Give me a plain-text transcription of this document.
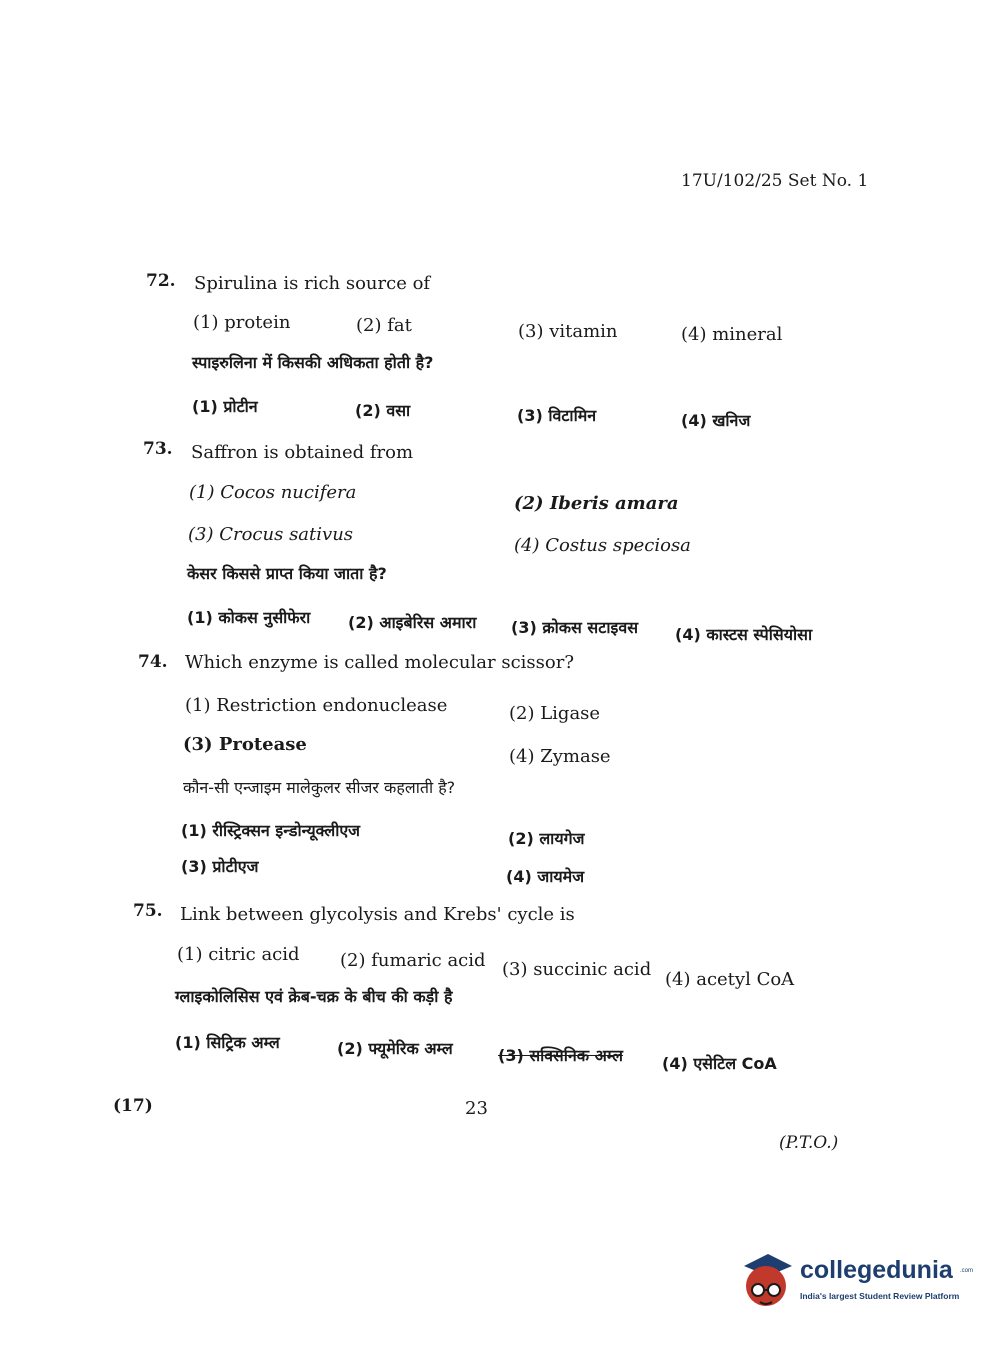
17U/102/25 Set No. 1
72. Spirulina is rich source of
(1) protein	(2) fat	(3) vitamin	(4) mineral
स्पाइरुलिना में किसकी अधिकता होती है?
(1) प्रोटीन	(2) वसा	(3) विटामिन	(4) खनिज
73. Saffron is obtained from
(1) Cocos nucifera
(2) Iberis amara
(3) Crocus sativus
(4) Costus speciosa
केसर किससे प्राप्त किया जाता है?
(1) कोकस नुसीफेरा (2) आइबेरिस अमारा (3) क्रोकस सटाइवस (4) कास्टस स्पेसियोसा
74. Which enzyme is called molecular scissor?
(1) Restriction endonuclease	(2) Ligase
(3) Protease
(4) Zymase
कौन-सी एन्जाइम मालेकुलर सीजर कहलाती है?
(1) रीस्ट्रिक्सन इन्डोन्यूक्लीएज	(2) लायगेज
(3) प्रोटीएज
(4) जायमेज
75. Link between glycolysis and Krebs' cycle is
(1) citric acid (2) fumaric acid (3) succinic acid (4) acetyl CoA
ग्लाइकोलिसिस एवं क्रेब-चक्र के बीच की कड़ी है
(1) सिट्रिक अम्ल	(2) फ्यूमेरिक अम्ल	(3) सक्सिनिक अम्ल (4) एसेटिल CoA
(17)	23
(P.T.O.)
collegedunia .com
India's largest Student Review Platform
